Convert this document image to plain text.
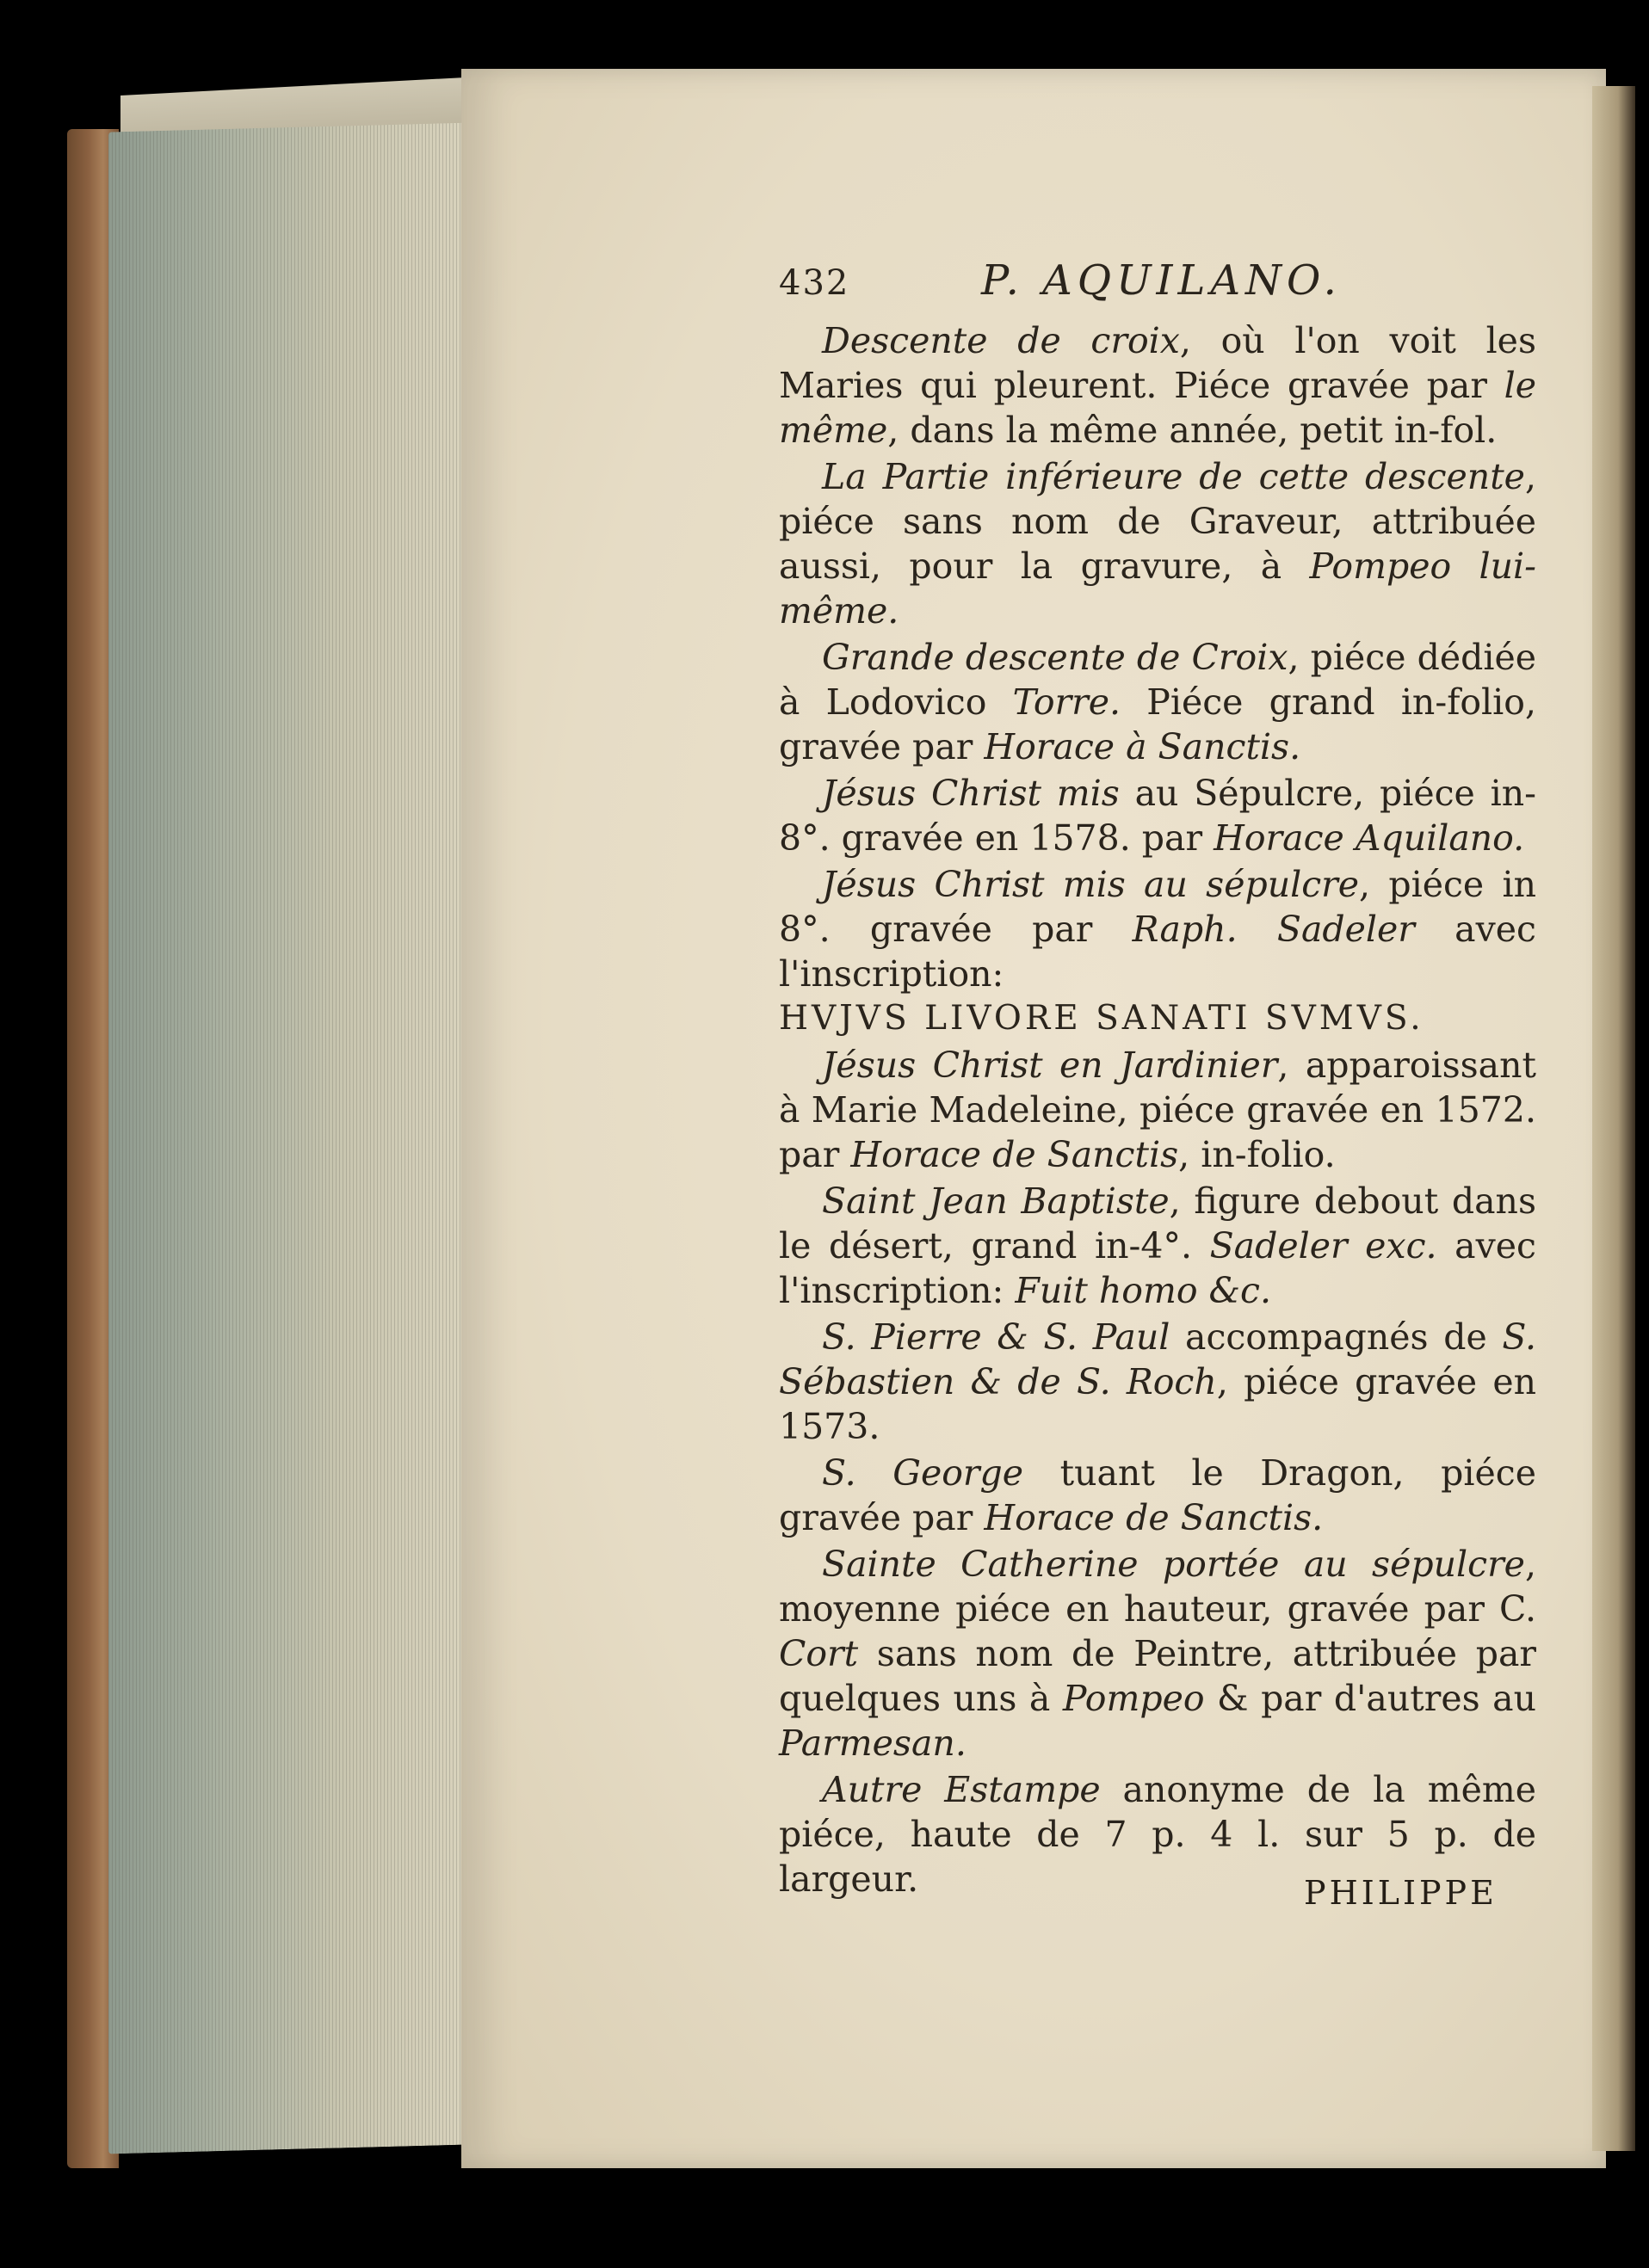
432	P. AQUILANO.

Descente de croix, où l'on voit les Maries qui pleurent. Piéce gravée par le même, dans la même année, petit in-fol.

La Partie inférieure de cette descente, piéce sans nom de Graveur, attribuée aussi, pour la gravure, à Pompeo lui-même.

Grande descente de Croix, piéce dédiée à Lodovico Torre. Piéce grand in-folio, gravée par Horace à Sanctis.

Jésus Christ mis au Sépulcre, piéce in-8°. gravée en 1578. par Horace Aquilano.

Jésus Christ mis au sépulcre, piéce in 8°. gravée par Raph. Sadeler avec l'inscription:

HVJVS LIVORE SANATI SVMVS.

Jésus Christ en Jardinier, apparoissant à Marie Madeleine, piéce gravée en 1572. par Horace de Sanctis, in-folio.

Saint Jean Baptiste, figure debout dans le désert, grand in-4°. Sadeler exc. avec l'inscription: Fuit homo &c.

S. Pierre & S. Paul accompagnés de S. Sébastien & de S. Roch, piéce gravée en 1573.

S. George tuant le Dragon, piéce gravée par Horace de Sanctis.

Sainte Catherine portée au sépulcre, moyenne piéce en hauteur, gravée par C. Cort sans nom de Peintre, attribuée par quelques uns à Pompeo & par d'autres au Parmesan.

Autre Estampe anonyme de la même piéce, haute de 7 p. 4 l. sur 5 p. de largeur.	PHILIPPE
